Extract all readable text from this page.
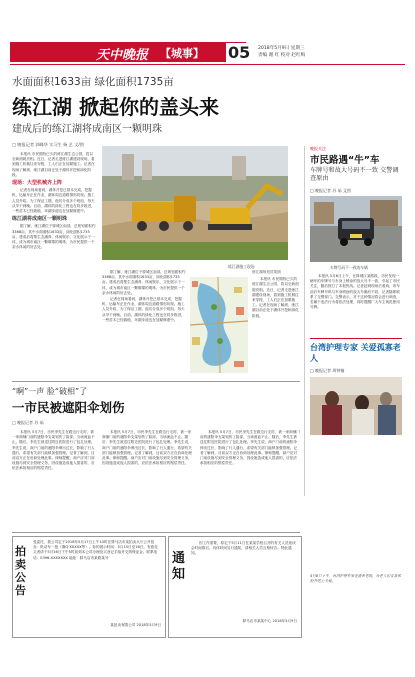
天中晚报 【城事】 05	2018年5月9日 星期三
责编 谢 红 校对 赵红梅
水面面积1633亩 绿化面积1735亩
练江湖 掀起你的盖头来
建成后的练江湖将成南区一颗明珠
□ 晚报记者 郭峰华 实习生 杨 艺 文/图

本报讯 市民期待已久的练江湖生态公园，将以全新面貌亮相。近日，记者走进练江湖建设现场，看到施工机械往来穿梭，工人们正在加紧施工。记者在现场了解到，练江湖目前正处于湖体开挖和绿化阶段。

现场：大型机械齐上阵

记者在现场看到，湖体开挖已基本完成，挖掘机、运输车正在作业，湖体周边道路雏形初现。施工人员介绍，为了保证工期，他们分成多个班组，每天从早干到晚。目前，湖体的绿化工程也在同步推进，一些苗木已经栽植，环湖步道也在加紧修建中。

练江湖将成南区一颗明珠

据了解，练江湖位于驿城区南部，总规划面积约3368亩，其中水面面积1633亩，绿化面积1735亩。建成后将集生态涵养、休闲娱乐、文化展示于一体，成为城市南区一颗璀璨的明珠，为市民提供一个亲水休闲的好去处。

练江湖施工现场

据了解，练江湖位于驿城区南部，总规划面积约3368亩，其中水面面积1633亩，绿化面积1735亩。建成后将集生态涵养、休闲娱乐、文化展示于一体，成为城市南区一颗璀璨的明珠，为市民提供一个亲水休闲的好去处。

记者在现场看到，湖体开挖已基本完成，挖掘机、运输车正在作业，湖体周边道路雏形初现。施工人员介绍，为了保证工期，他们分成多个班组，每天从早干到晚。目前，湖体的绿化工程也在同步推进，一些苗木已经栽植，环湖步道也在加紧修建中。

练江湖规划效果图

本报讯 市民期待已久的练江湖生态公园，将以全新面貌亮相。近日，记者走进练江湖建设现场，看到施工机械往来穿梭，工人们正在加紧施工。记者在现场了解到，练江湖目前正处于湖体开挖和绿化阶段。

晚报关注
市民路遇“牛”车
车牌号和故大号码不一致 交警调查原由
□ 晚报记者 苏 茹 文图
车牌号码不一致的车辆
本报讯 5月6日上午，在驿城区某路段，市民发现一辆车的车牌号与车身上喷涂的放大号不一致，引起了市民关注，随后拨打了本报热线。记者赶到现场后看到，该车前后车牌号码与车身喷涂的放大号确有不同，记者随即联系了交警部门。交警表示，对于这种情况将会进行调查，若属于违法行为将依法处理，同时提醒广大车主规范使用号牌。
台湾护理专家 关爱孤寡老人
□ 晚报记者 周钟楠
5月8日下午，台湾护理专家走进养老院，为老人们义务体检并送上关爱。
“啊”一声 脸“破相”了
一市民被遮阳伞划伤
□ 晚报记者 苏 茹
本报讯 5月7日，市民李先生在路边行走时，被一家商铺门前的遮阳伞支架划伤了脸部，当场流血不止。随后，李先生被送往附近医院进行了包扎处理。李先生说，商户门前的遮阳伞伸出过长，影响了行人通行，希望有关部门能够加强管理。记者了解到，目前双方正在协商处理此事。律师提醒，商户应对门前设施尽到安全管理义务，因设施造成他人损害的，应依法承担相应的赔偿责任。
本报讯 5月7日，市民李先生在路边行走时，被一家商铺门前的遮阳伞支架划伤了脸部，当场流血不止。随后，李先生被送往附近医院进行了包扎处理。李先生说，商户门前的遮阳伞伸出过长，影响了行人通行，希望有关部门能够加强管理。记者了解到，目前双方正在协商处理此事。律师提醒，商户应对门前设施尽到安全管理义务，因设施造成他人损害的，应依法承担相应的赔偿责任。
本报讯 5月7日，市民李先生在路边行走时，被一家商铺门前的遮阳伞支架划伤了脸部，当场流血不止。随后，李先生被送往附近医院进行了包扎处理。李先生说，商户门前的遮阳伞伸出过长，影响了行人通行，希望有关部门能够加强管理。记者了解到，目前双方正在协商处理此事。律师提醒，商户应对门前设施尽到安全管理义务，因设施造成他人损害的，应依法承担相应的赔偿责任。
拍卖公告
受委托，我公司定于2018年5月17日上午10时在驿马店市某拍卖大厅公开拍卖：机动车一批（豫Q·XXXXX等）。标的展示时间：5月15日至16日。有意竞买者请于5月16日下午5时前到本公司办理竞买登记手续并交纳保证金。联系电话：0396-XXXXXXX 地址：驿马店市某路某号
某拍卖有限公司 2018年5月9日
通知
因工作需要，原定于5月11日在某某学校召开的有关人员座谈会时间推迟，具体时间另行通知，请相关人员互相转告。特此通知。
驿马店市某某中心 2018年5月9日
